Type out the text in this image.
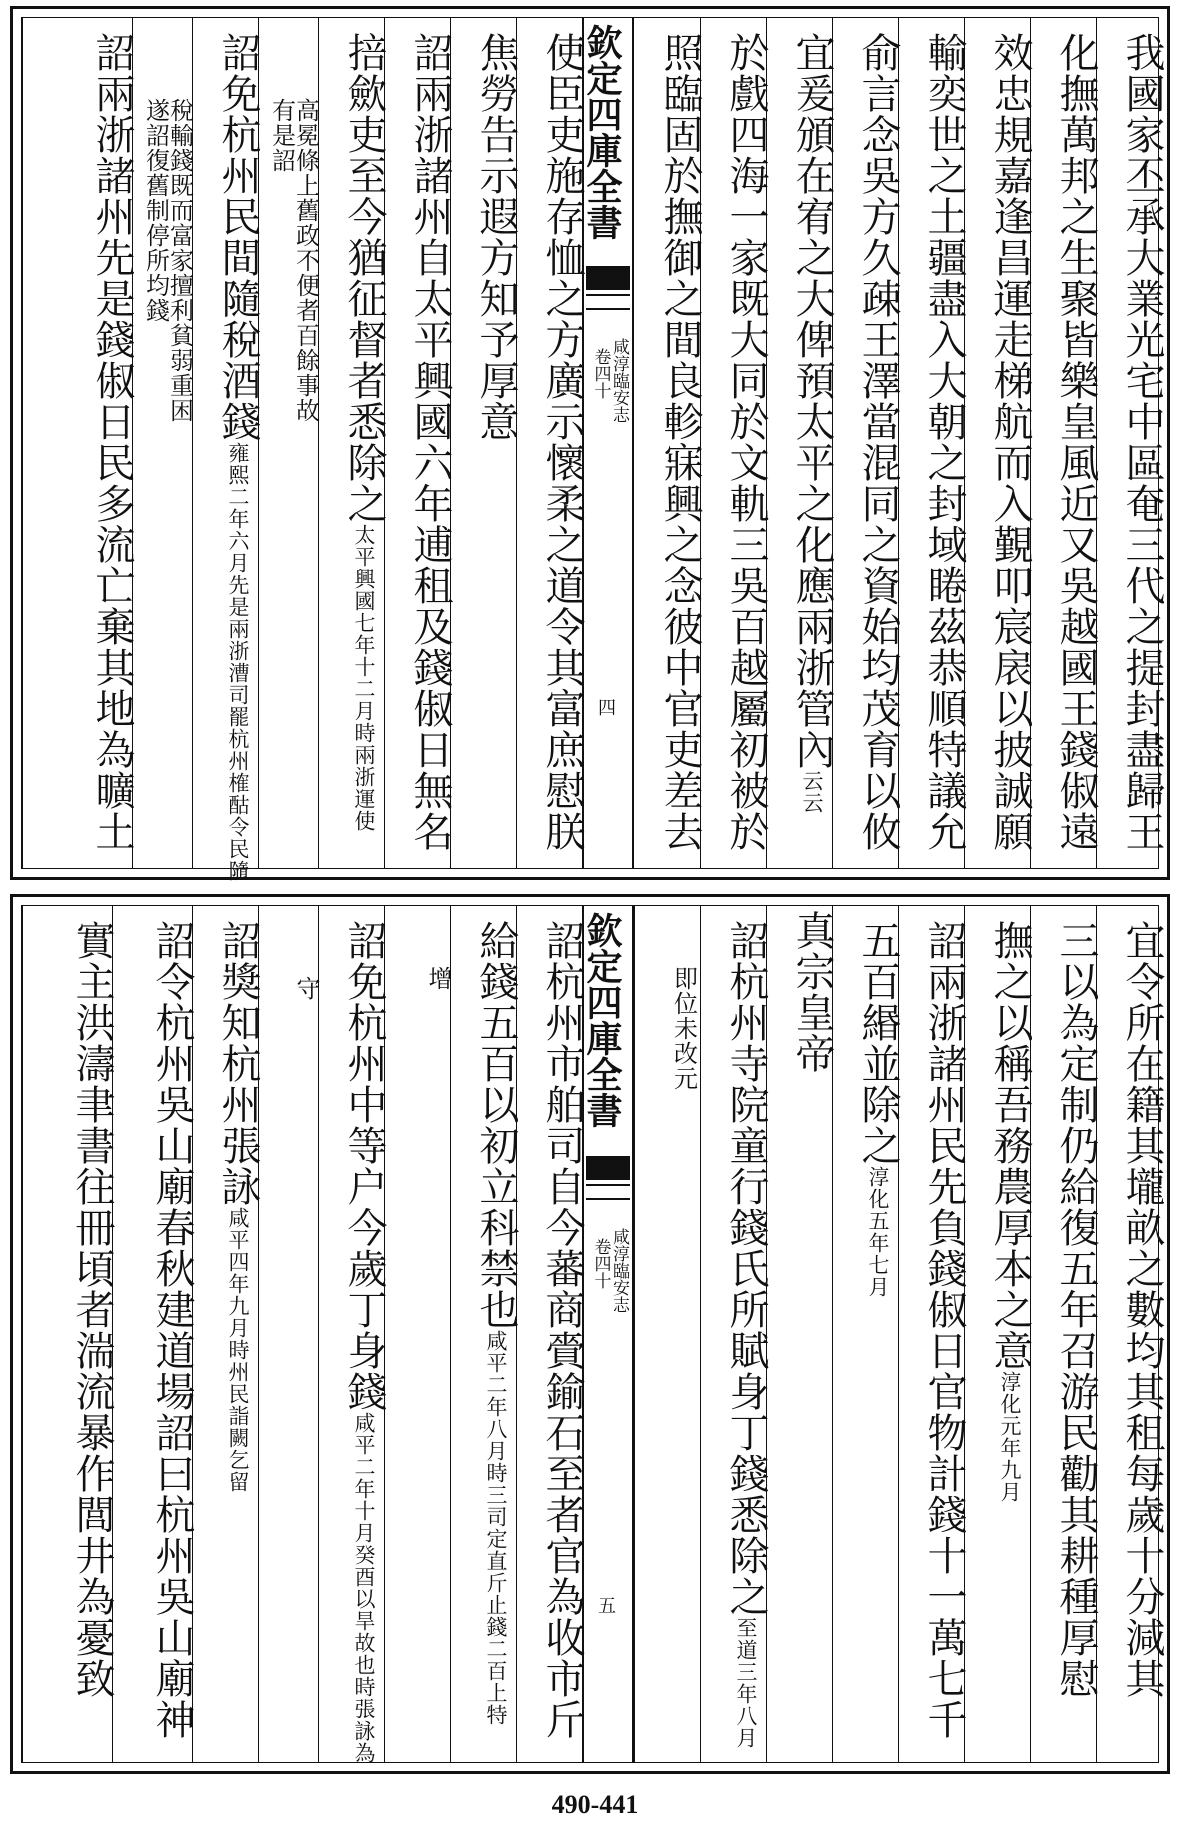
我國家丕承大業光宅中區奄三代之提封盡歸王
化撫萬邦之生聚皆樂皇風近又吳越國王錢俶遠
效忠規嘉逢昌運走梯航而入覲叩宸扆以披誠願
輸奕世之土疆盡入大朝之封域睠茲恭順特議允
俞言念吳方久疎王澤當混同之資始均茂育以攸
宜爰頒在宥之大俾預太平之化應兩浙管內云云
於戲四海一家既大同於文軌三吳百越屬初被於
欽定四庫全書
咸淳臨安志
卷四十
四	照臨固於撫御之間良軫寐興之念彼中官吏差去
使臣吏施存恤之方廣示懷柔之道令其富庶慰朕
焦勞告示遐方知予厚意
詔兩浙諸州自太平興國六年逋租及錢俶日無名
掊歛吏至今猶征督者悉除之太平興國七年十二月時兩浙運使
高冕條上舊政不便者百餘事故有是詔
詔免杭州民間隨稅酒錢雍熙二年六月先是兩浙漕司罷杭州榷酤令民隨
稅輸錢既而富家擅利貧弱重困遂詔復舊制停所均錢
詔兩浙諸州先是錢俶日民多流亡棄其地為曠土
宜令所在籍其壠畝之數均其租每歲十分減其
三以為定制仍給復五年召游民勸其耕種厚慰
撫之以稱吾務農厚本之意淳化元年九月
詔兩浙諸州民先負錢俶日官物計錢十一萬七千
五百緡並除之淳化五年七月
真宗皇帝
詔杭州寺院童行錢氏所賦身丁錢悉除之至道三年八月
即位未改元
欽定四庫全書
咸淳臨安志
卷四十
五
詔杭州市舶司自今蕃商賫鍮石至者官為收市斤
給錢五百以初立科禁也咸平二年八月時三司定直斤止錢二百上特
增
詔免杭州中等户今歲丁身錢咸平二年十月癸酉以旱故也時張詠為
守
詔獎知杭州張詠咸平四年九月時州民詣闕乞留
詔令杭州吳山廟春秋建道場詔曰杭州吳山廟神
實主洪濤聿書往冊頃者湍流暴作閭井為憂致
490-441
